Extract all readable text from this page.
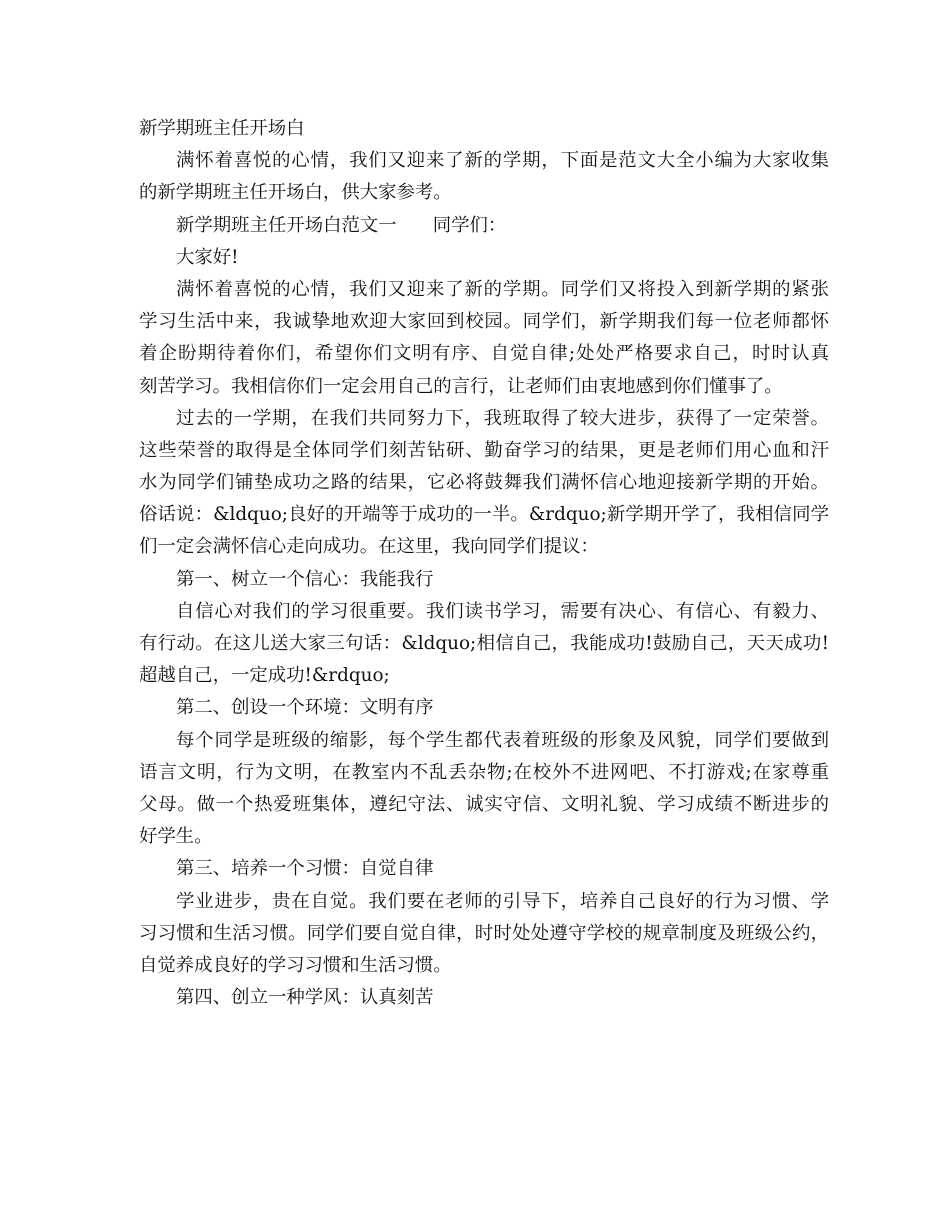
新学期班主任开场白
满怀着喜悦的心情，我们又迎来了新的学期，下面是范文大全小编为大家收集
的新学期班主任开场白，供大家参考。
新学期班主任开场白范文一 同学们：
大家好!
满怀着喜悦的心情，我们又迎来了新的学期。同学们又将投入到新学期的紧张
学习生活中来，我诚挚地欢迎大家回到校园。同学们，新学期我们每一位老师都怀
着企盼期待着你们，希望你们文明有序、自觉自律;处处严格要求自己，时时认真
刻苦学习。我相信你们一定会用自己的言行，让老师们由衷地感到你们懂事了。
过去的一学期，在我们共同努力下，我班取得了较大进步，获得了一定荣誉。
这些荣誉的取得是全体同学们刻苦钻研、勤奋学习的结果，更是老师们用心血和汗
水为同学们铺垫成功之路的结果，它必将鼓舞我们满怀信心地迎接新学期的开始。
俗话说：&ldquo;良好的开端等于成功的一半。&rdquo;新学期开学了，我相信同学
们一定会满怀信心走向成功。在这里，我向同学们提议：
第一、树立一个信心：我能我行
自信心对我们的学习很重要。我们读书学习，需要有决心、有信心、有毅力、
有行动。在这儿送大家三句话：&ldquo;相信自己，我能成功!鼓励自己，天天成功!
超越自己，一定成功!&rdquo;
第二、创设一个环境：文明有序
每个同学是班级的缩影，每个学生都代表着班级的形象及风貌，同学们要做到
语言文明，行为文明，在教室内不乱丢杂物;在校外不进网吧、不打游戏;在家尊重
父母。做一个热爱班集体，遵纪守法、诚实守信、文明礼貌、学习成绩不断进步的
好学生。
第三、培养一个习惯：自觉自律
学业进步，贵在自觉。我们要在老师的引导下，培养自己良好的行为习惯、学
习习惯和生活习惯。同学们要自觉自律，时时处处遵守学校的规章制度及班级公约，
自觉养成良好的学习习惯和生活习惯。
第四、创立一种学风：认真刻苦
